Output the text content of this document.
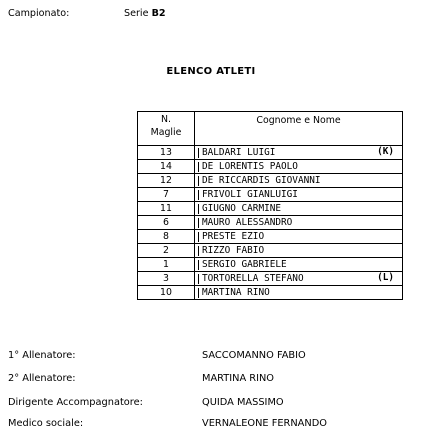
Campionato:	Serie B2
ELENCO ATLETI
N.
Maglie	Cognome e Nome
13	BALDARI LUIGI (K)

14	DE LORENTIS PAOLO

12	DE RICCARDIS GIOVANNI

7	FRIVOLI GIANLUIGI

11	GIUGNO CARMINE

6	MAURO ALESSANDRO

8	PRESTE EZIO

2	RIZZO FABIO

1	SERGIO GABRIELE

3	TORTORELLA STEFANO (L)

10	MARTINA RINO
1° Allenatore:	SACCOMANNO FABIO
2° Allenatore:	MARTINA RINO
Dirigente Accompagnatore:	QUIDA MASSIMO
Medico sociale:	VERNALEONE FERNANDO
